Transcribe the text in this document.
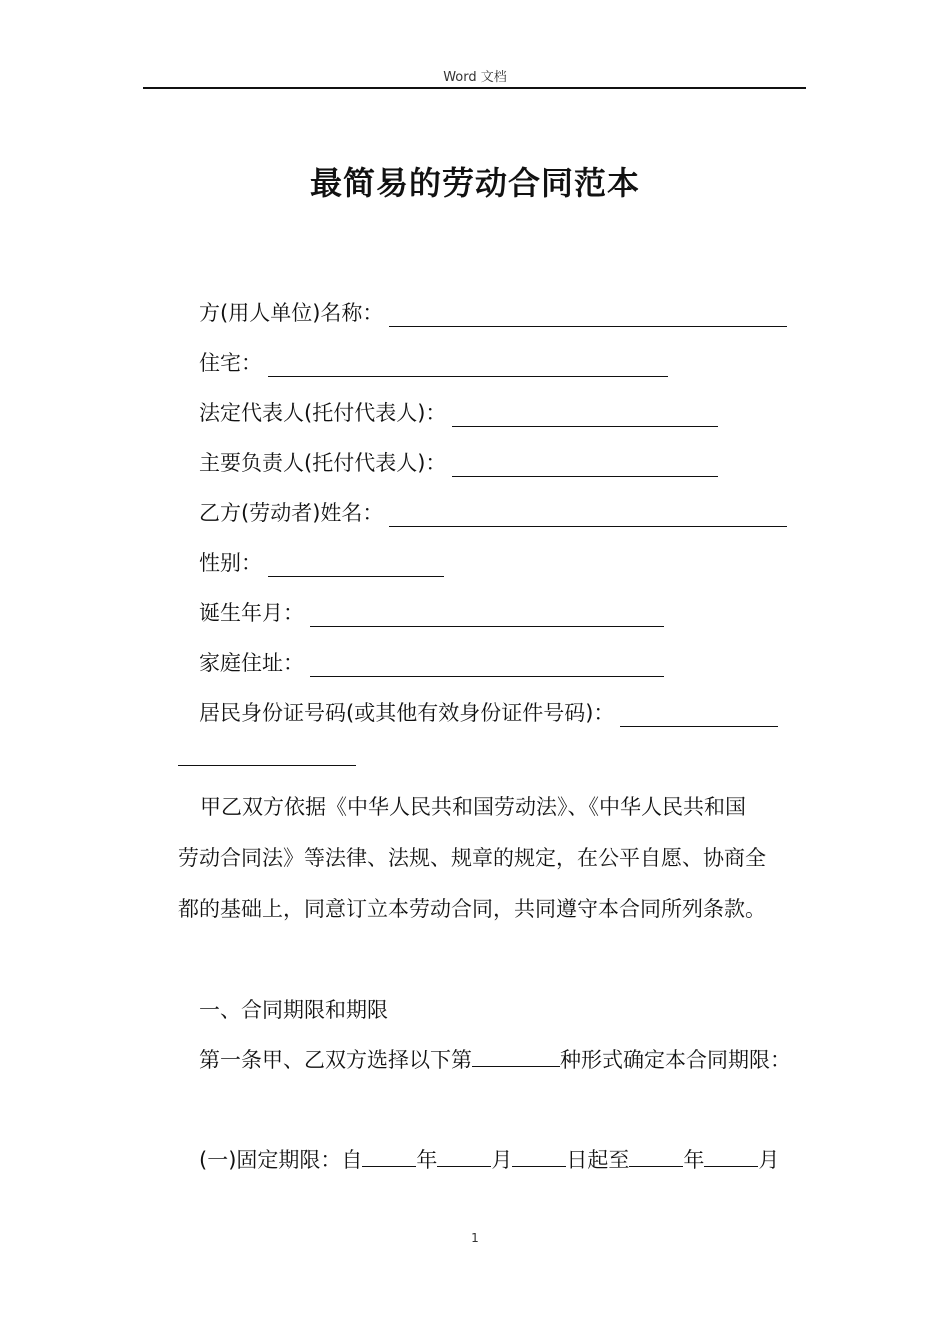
Word 文档
最简易的劳动合同范本
方(用人单位)名称：
住宅：
法定代表人(托付代表人)：
主要负责人(托付代表人)：
乙方(劳动者)姓名：
性别：
诞生年月：
家庭住址：
居民身份证号码(或其他有效身份证件号码)：
甲乙双方依据《中华人民共和国劳动法》、《中华人民共和国
劳动合同法》等法律、法规、规章的规定，在公平自愿、协商全
都的基础上，同意订立本劳动合同，共同遵守本合同所列条款。
一、合同期限和期限
第一条甲、乙双方选择以下第	种形式确定本合同期限：
(一)固定期限：自	年	月	日起至	年	月
1
